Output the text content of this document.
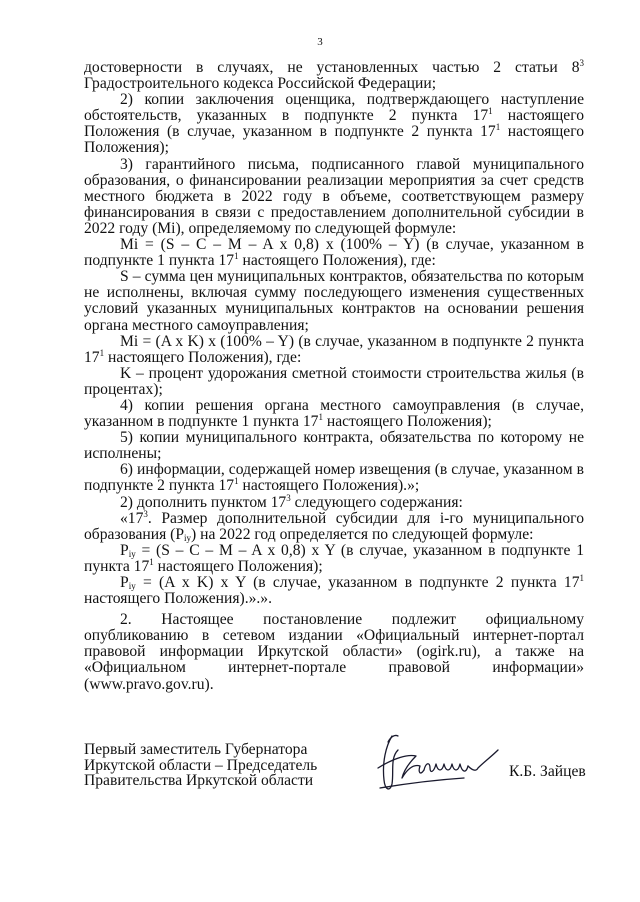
3

достоверности в случаях, не установленных частью 2 статьи $8^3$ Градостроительного кодекса Российской Федерации;

2) копии заключения оценщика, подтверждающего наступление обстоятельств, указанных в подпункте 2 пункта $17^1$ настоящего Положения (в случае, указанном в подпункте 2 пункта $17^1$ настоящего Положения);

3) гарантийного письма, подписанного главой муниципального образования, о финансировании реализации мероприятия за счет средств местного бюджета в 2022 году в объеме, соответствующем размеру финансирования в связи с предоставлением дополнительной субсидии в 2022 году (Mi), определяемому по следующей формуле:

Mi = (S – C – M – A x 0,8) x (100% – Y) (в случае, указанном в подпункте 1 пункта $17^1$ настоящего Положения), где:

S – сумма цен муниципальных контрактов, обязательства по которым не исполнены, включая сумму последующего изменения существенных условий указанных муниципальных контрактов на основании решения органа местного самоуправления;

Mi = (A x K) x (100% – Y) (в случае, указанном в подпункте 2 пункта $17^1$ настоящего Положения), где:

K – процент удорожания сметной стоимости строительства жилья (в процентах);

4) копии решения органа местного самоуправления (в случае, указанном в подпункте 1 пункта $17^1$ настоящего Положения);

5) копии муниципального контракта, обязательства по которому не исполнены;

6) информации, содержащей номер извещения (в случае, указанном в подпункте 2 пункта $17^1$ настоящего Положения).»;

2) дополнить пунктом $17^3$ следующего содержания:

«$17^3$. Размер дополнительной субсидии для i-го муниципального образования $(P_{iy})$ на 2022 год определяется по следующей формуле:

$P_{iy} = (S - C - M - A$ x 0,8) x Y (в случае, указанном в подпункте 1 пункта $17^1$ настоящего Положения);

$P_{iy} = (A$ x K) x Y (в случае, указанном в подпункте 2 пункта $17^1$ настоящего Положения).».».

2. Настоящее постановление подлежит официальному опубликованию в сетевом издании «Официальный интернет-портал правовой информации Иркутской области» (ogirk.ru), а также на «Официальном интернет-портале правовой информации» (www.pravo.gov.ru).

Первый заместитель Губернатора
Иркутской области – Председатель
Правительства Иркутской области
К.Б. Зайцев
